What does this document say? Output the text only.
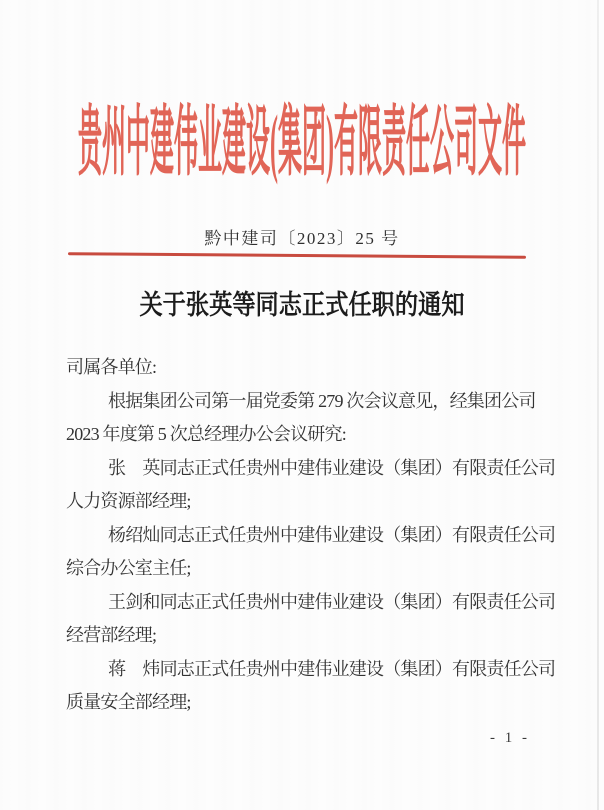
贵州中建伟业建设(集团)有限责任公司文件
黔中建司〔2023〕25 号
关于张英等同志正式任职的通知
司属各单位:
根据集团公司第一届党委第 279 次会议意见，经集团公司
2023 年度第 5 次总经理办公会议研究:
张　英同志正式任贵州中建伟业建设（集团）有限责任公司
人力资源部经理;
杨绍灿同志正式任贵州中建伟业建设（集团）有限责任公司
综合办公室主任;
王剑和同志正式任贵州中建伟业建设（集团）有限责任公司
经营部经理;
蒋　炜同志正式任贵州中建伟业建设（集团）有限责任公司
质量安全部经理;
- 1 -
